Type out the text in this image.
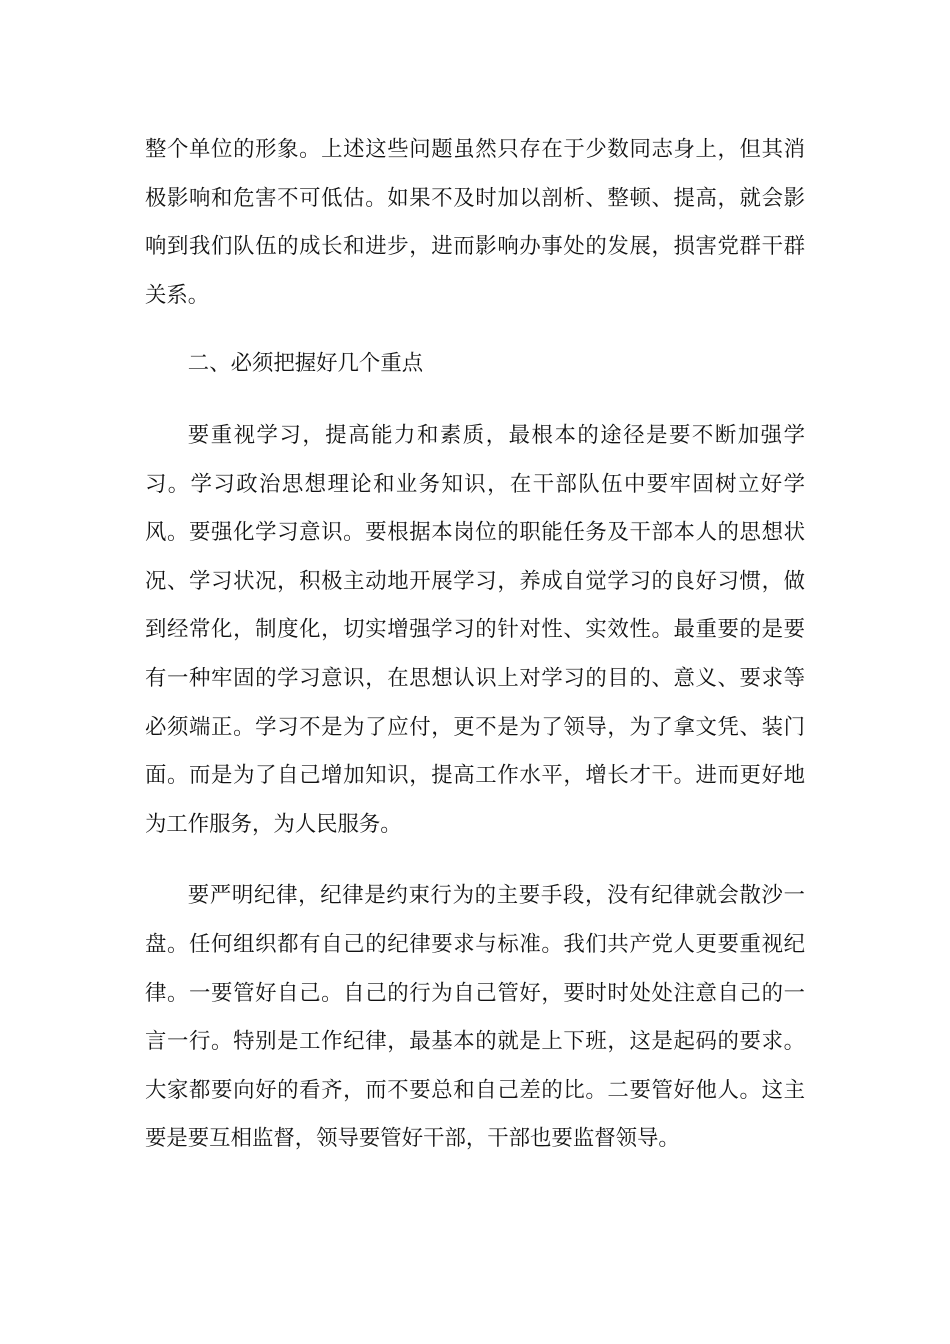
整个单位的形象。上述这些问题虽然只存在于少数同志身上，但其消极影响和危害不可低估。如果不及时加以剖析、整顿、提高，就会影响到我们队伍的成长和进步，进而影响办事处的发展，损害党群干群关系。

二、必须把握好几个重点

要重视学习，提高能力和素质，最根本的途径是要不断加强学习。学习政治思想理论和业务知识，在干部队伍中要牢固树立好学风。要强化学习意识。要根据本岗位的职能任务及干部本人的思想状况、学习状况，积极主动地开展学习，养成自觉学习的良好习惯，做到经常化，制度化，切实增强学习的针对性、实效性。最重要的是要有一种牢固的学习意识，在思想认识上对学习的目的、意义、要求等必须端正。学习不是为了应付，更不是为了领导，为了拿文凭、装门面。而是为了自己增加知识，提高工作水平，增长才干。进而更好地为工作服务，为人民服务。

要严明纪律，纪律是约束行为的主要手段，没有纪律就会散沙一盘。任何组织都有自己的纪律要求与标准。我们共产党人更要重视纪律。一要管好自己。自己的行为自己管好，要时时处处注意自己的一言一行。特别是工作纪律，最基本的就是上下班，这是起码的要求。大家都要向好的看齐，而不要总和自己差的比。二要管好他人。这主要是要互相监督，领导要管好干部，干部也要监督领导。
